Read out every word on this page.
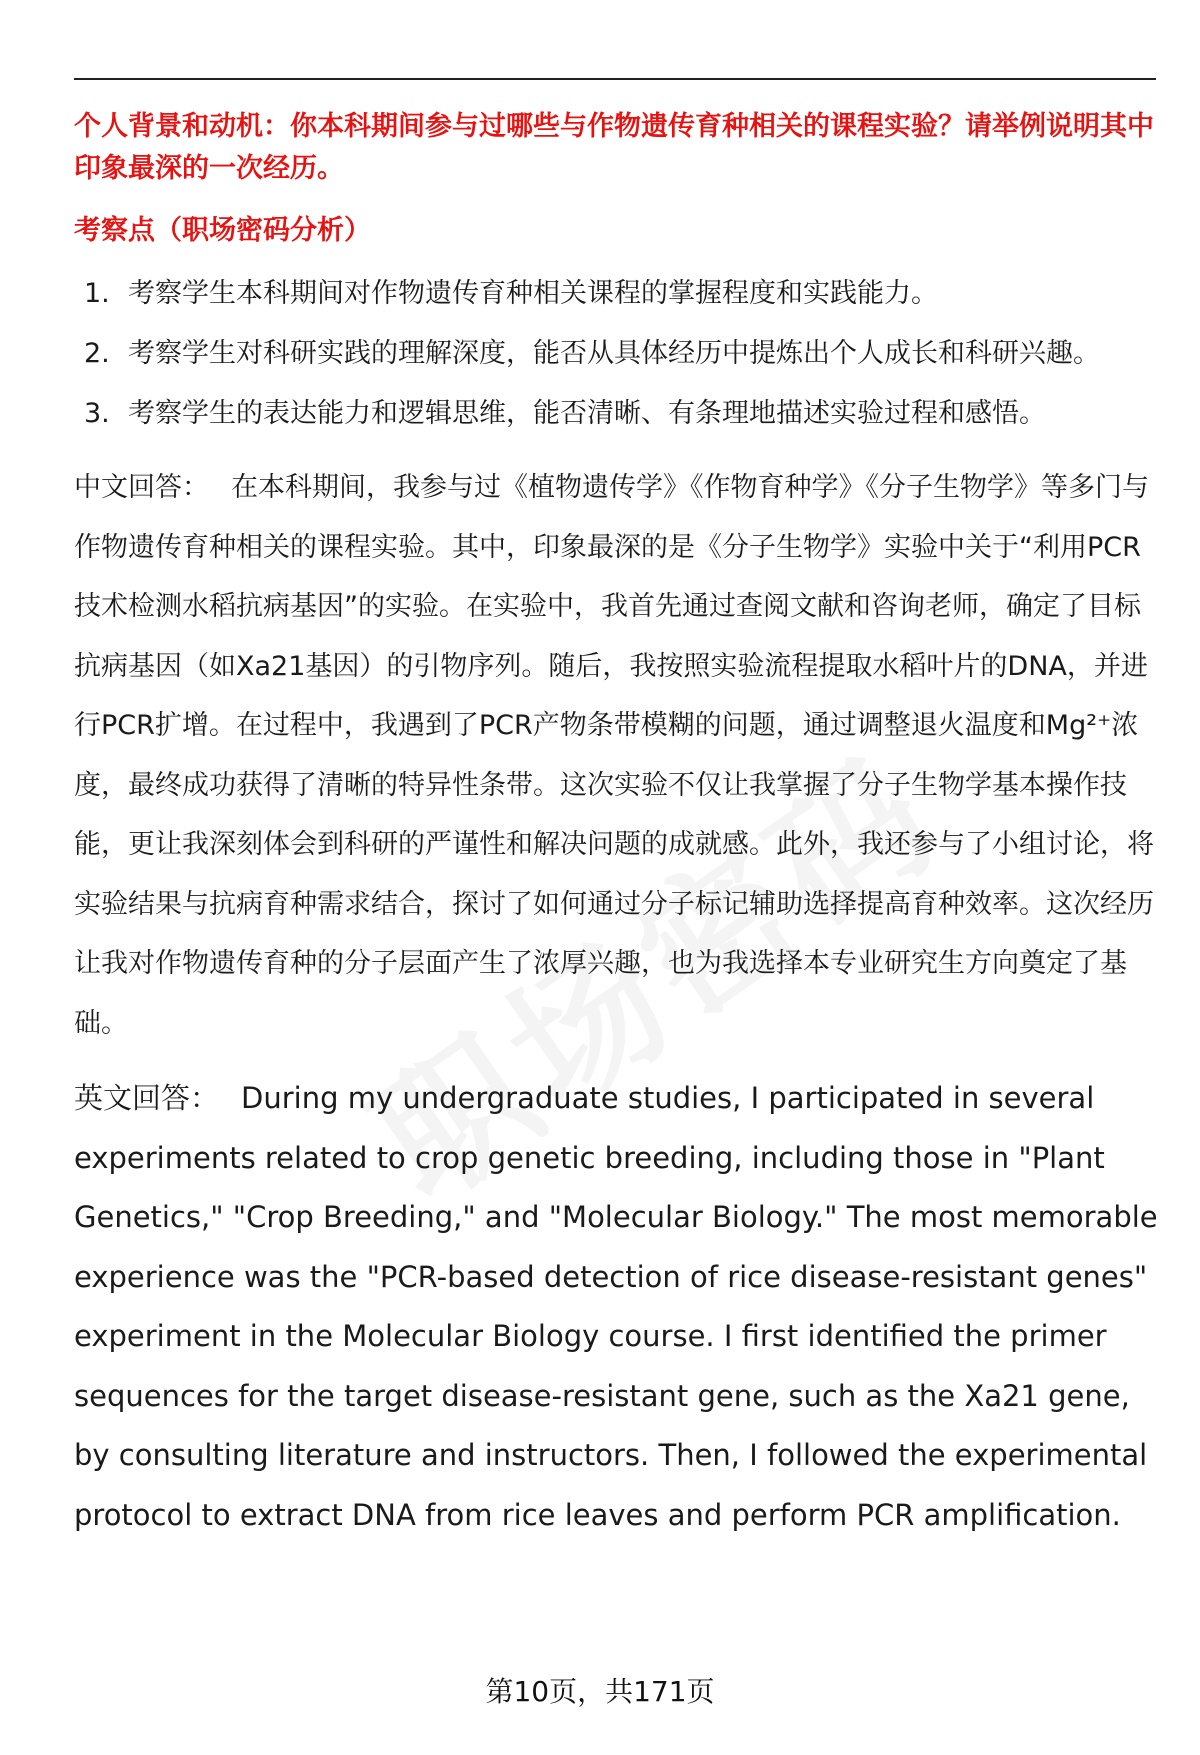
个人背景和动机：你本科期间参与过哪些与作物遗传育种相关的课程实验？请举例说明其中印象最深的一次经历。

考察点（职场密码分析）
1. 考察学生本科期间对作物遗传育种相关课程的掌握程度和实践能力。
2. 考察学生对科研实践的理解深度，能否从具体经历中提炼出个人成长和科研兴趣。
3. 考察学生的表达能力和逻辑思维，能否清晰、有条理地描述实验过程和感悟。

中文回答： 在本科期间，我参与过《植物遗传学》《作物育种学》《分子生物学》等多门与作物遗传育种相关的课程实验。其中，印象最深的是《分子生物学》实验中关于“利用PCR技术检测水稻抗病基因”的实验。在实验中，我首先通过查阅文献和咨询老师，确定了目标抗病基因（如Xa21基因）的引物序列。随后，我按照实验流程提取水稻叶片的DNA，并进行PCR扩增。在过程中，我遇到了PCR产物条带模糊的问题，通过调整退火温度和Mg²⁺浓度，最终成功获得了清晰的特异性条带。这次实验不仅让我掌握了分子生物学基本操作技能，更让我深刻体会到科研的严谨性和解决问题的成就感。此外，我还参与了小组讨论，将实验结果与抗病育种需求结合，探讨了如何通过分子标记辅助选择提高育种效率。这次经历让我对作物遗传育种的分子层面产生了浓厚兴趣，也为我选择本专业研究生方向奠定了基础。

英文回答： During my undergraduate studies, I participated in several experiments related to crop genetic breeding, including those in "Plant Genetics," "Crop Breeding," and "Molecular Biology." The most memorable experience was the "PCR-based detection of rice disease-resistant genes" experiment in the Molecular Biology course. I first identified the primer sequences for the target disease-resistant gene, such as the Xa21 gene, by consulting literature and instructors. Then, I followed the experimental protocol to extract DNA from rice leaves and perform PCR amplification.

第10页，共171页
